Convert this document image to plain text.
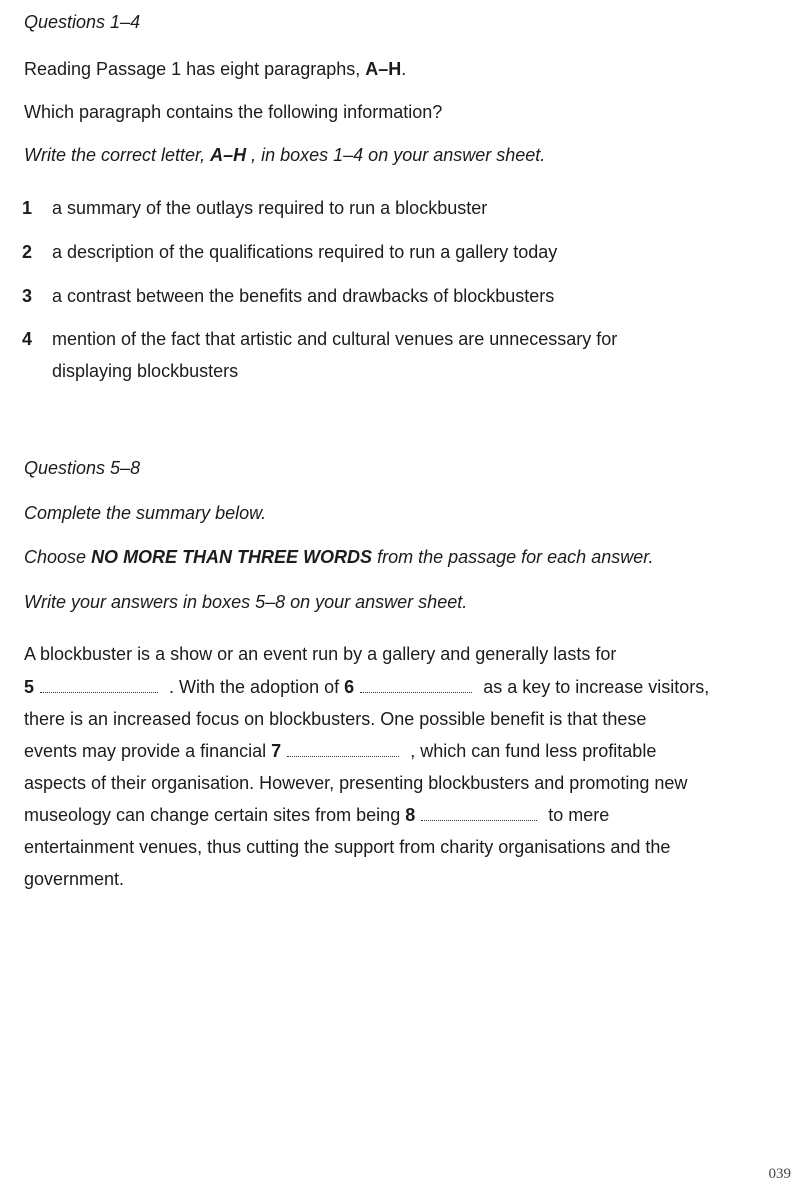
Questions 1–4

Reading Passage 1 has eight paragraphs, A–H.

Which paragraph contains the following information?

Write the correct letter, A–H , in boxes 1–4 on your answer sheet.

1	a summary of the outlays required to run a blockbuster
2	a description of the qualifications required to run a gallery today
3	a contrast between the benefits and drawbacks of blockbusters
4	mention of the fact that artistic and cultural venues are unnecessary for
displaying blockbusters

Questions 5–8

Complete the summary below.

Choose NO MORE THAN THREE WORDS from the passage for each answer.

Write your answers in boxes 5–8 on your answer sheet.

A blockbuster is a show or an event run by a gallery and generally lasts for
5	. With the adoption of 6	as a key to increase visitors,
there is an increased focus on blockbusters. One possible benefit is that these
events may provide a financial 7	, which can fund less profitable
aspects of their organisation. However, presenting blockbusters and promoting new
museology can change certain sites from being 8	to mere
entertainment venues, thus cutting the support from charity organisations and the
government.
039
